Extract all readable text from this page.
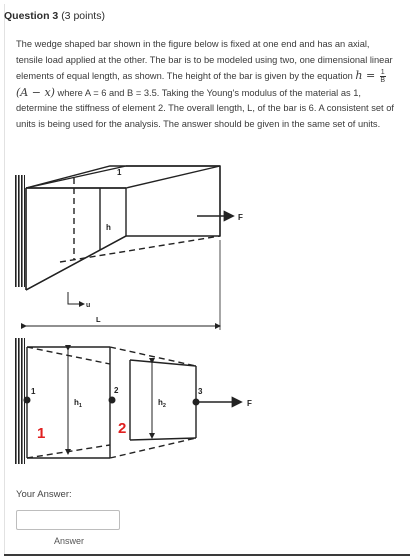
Question 3 (3 points)

The wedge shaped bar shown in the figure below is fixed at one end and has an axial, tensile load applied at the other. The bar is to be modeled using two, one dimensional linear elements of equal length, as shown. The height of the bar is given by the equation $h = \frac{1}{B}$
(A − x) where A = 6 and B = 3.5. Taking the Young's modulus of the material as 1, determine the stiffness of element 2. The overall length, L, of the bar is 6. A consistent set of units is being used for the analysis. The answer should be given in the same set of units.

F
1
h
u
L
$h_1$	$h_2$
1	2	3
1	2
F
Your Answer:
Answer
